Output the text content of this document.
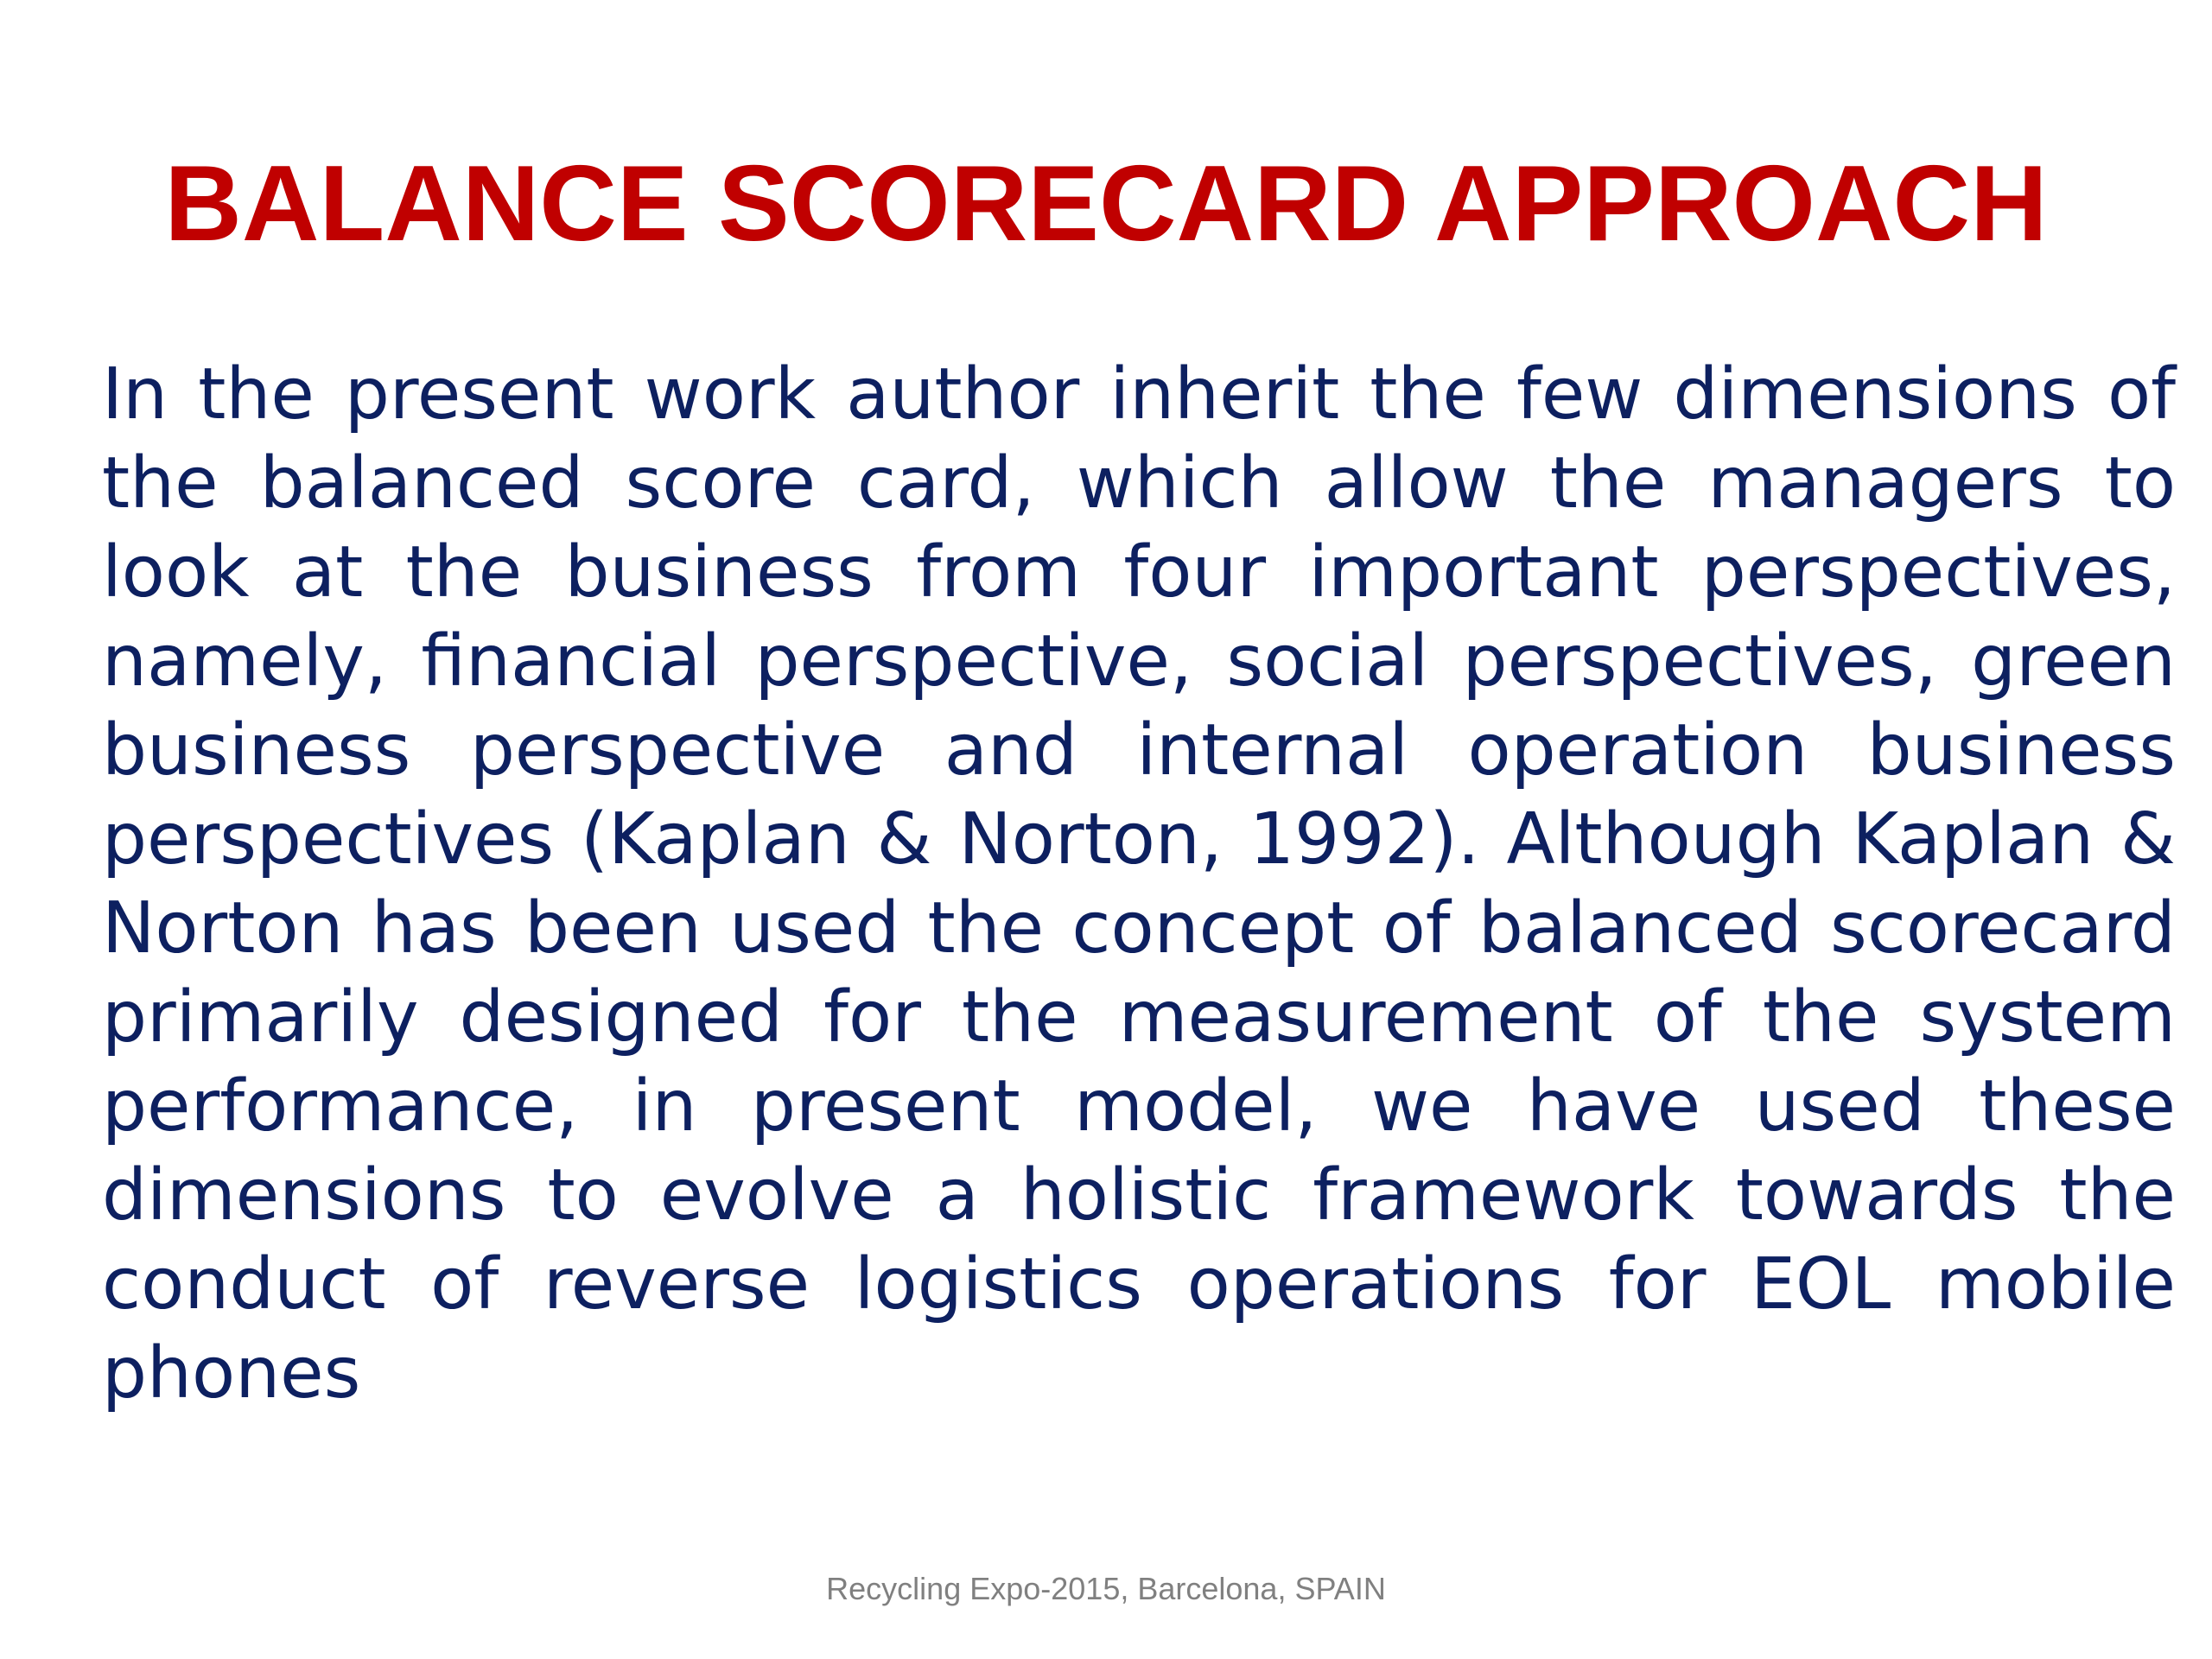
BALANCE SCORECARD APPROACH

In the present work author inherit the few dimensions of the balanced score card, which allow the managers to look at the business from four important perspectives, namely, financial perspective, social perspectives, green business perspective and internal operation business perspectives (Kaplan & Norton, 1992). Although Kaplan & Norton has been used the concept of balanced scorecard primarily designed for the measurement of the system performance, in present model, we have used these dimensions to evolve a holistic framework towards the conduct of reverse logistics operations for EOL mobile phones

Recycling Expo-2015, Barcelona, SPAIN
